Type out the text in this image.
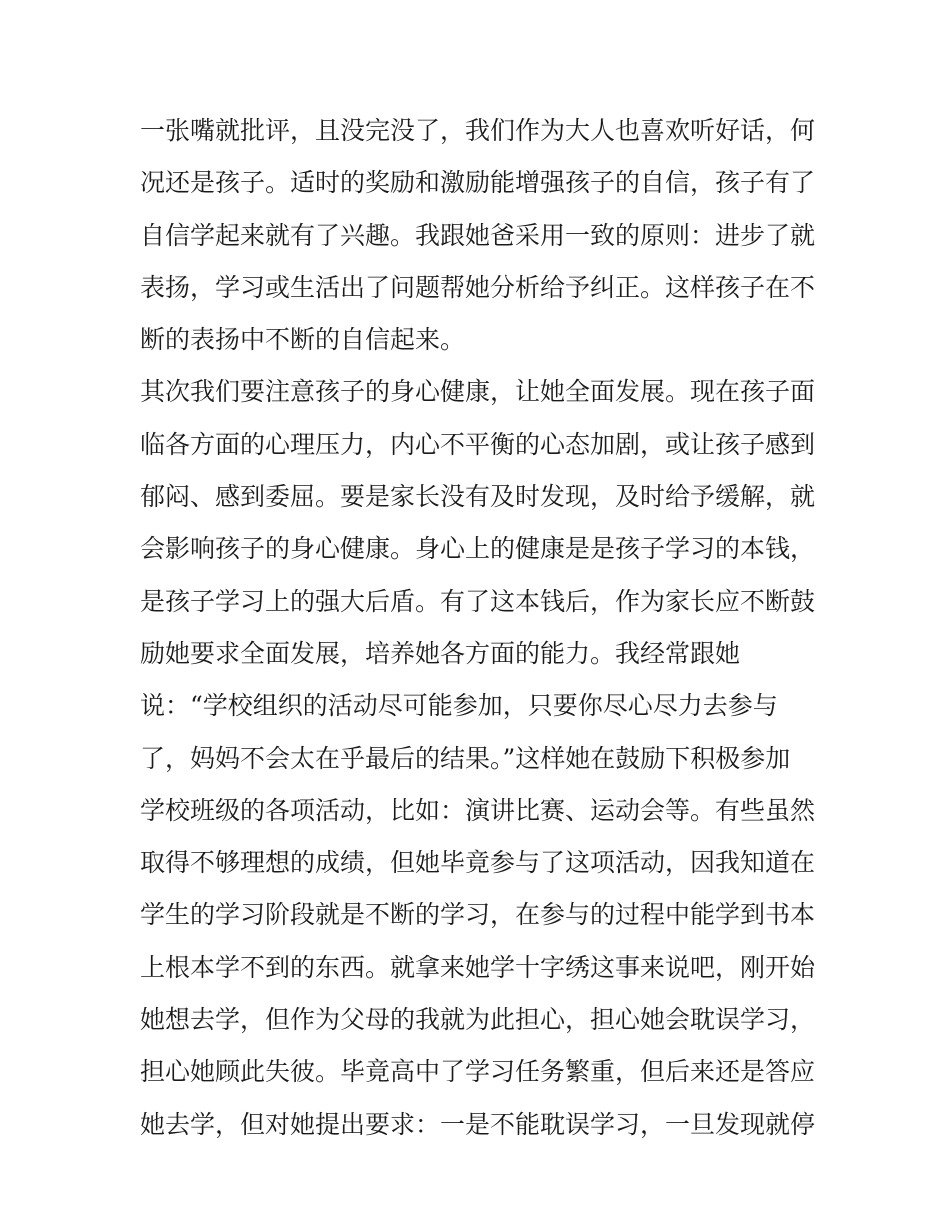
一张嘴就批评，且没完没了，我们作为大人也喜欢听好话，何
况还是孩子。适时的奖励和激励能增强孩子的自信，孩子有了
自信学起来就有了兴趣。我跟她爸采用一致的原则：进步了就
表扬，学习或生活出了问题帮她分析给予纠正。这样孩子在不
断的表扬中不断的自信起来。
其次我们要注意孩子的身心健康，让她全面发展。现在孩子面
临各方面的心理压力，内心不平衡的心态加剧，或让孩子感到
郁闷、感到委屈。要是家长没有及时发现，及时给予缓解，就
会影响孩子的身心健康。身心上的健康是是孩子学习的本钱，
是孩子学习上的强大后盾。有了这本钱后，作为家长应不断鼓
励她要求全面发展，培养她各方面的能力。我经常跟她
说：“学校组织的活动尽可能参加，只要你尽心尽力去参与
了，妈妈不会太在乎最后的结果。”这样她在鼓励下积极参加
学校班级的各项活动，比如：演讲比赛、运动会等。有些虽然
取得不够理想的成绩，但她毕竟参与了这项活动，因我知道在
学生的学习阶段就是不断的学习，在参与的过程中能学到书本
上根本学不到的东西。就拿来她学十字绣这事来说吧，刚开始
她想去学，但作为父母的我就为此担心，担心她会耽误学习，
担心她顾此失彼。毕竟高中了学习任务繁重，但后来还是答应
她去学，但对她提出要求：一是不能耽误学习，一旦发现就停
